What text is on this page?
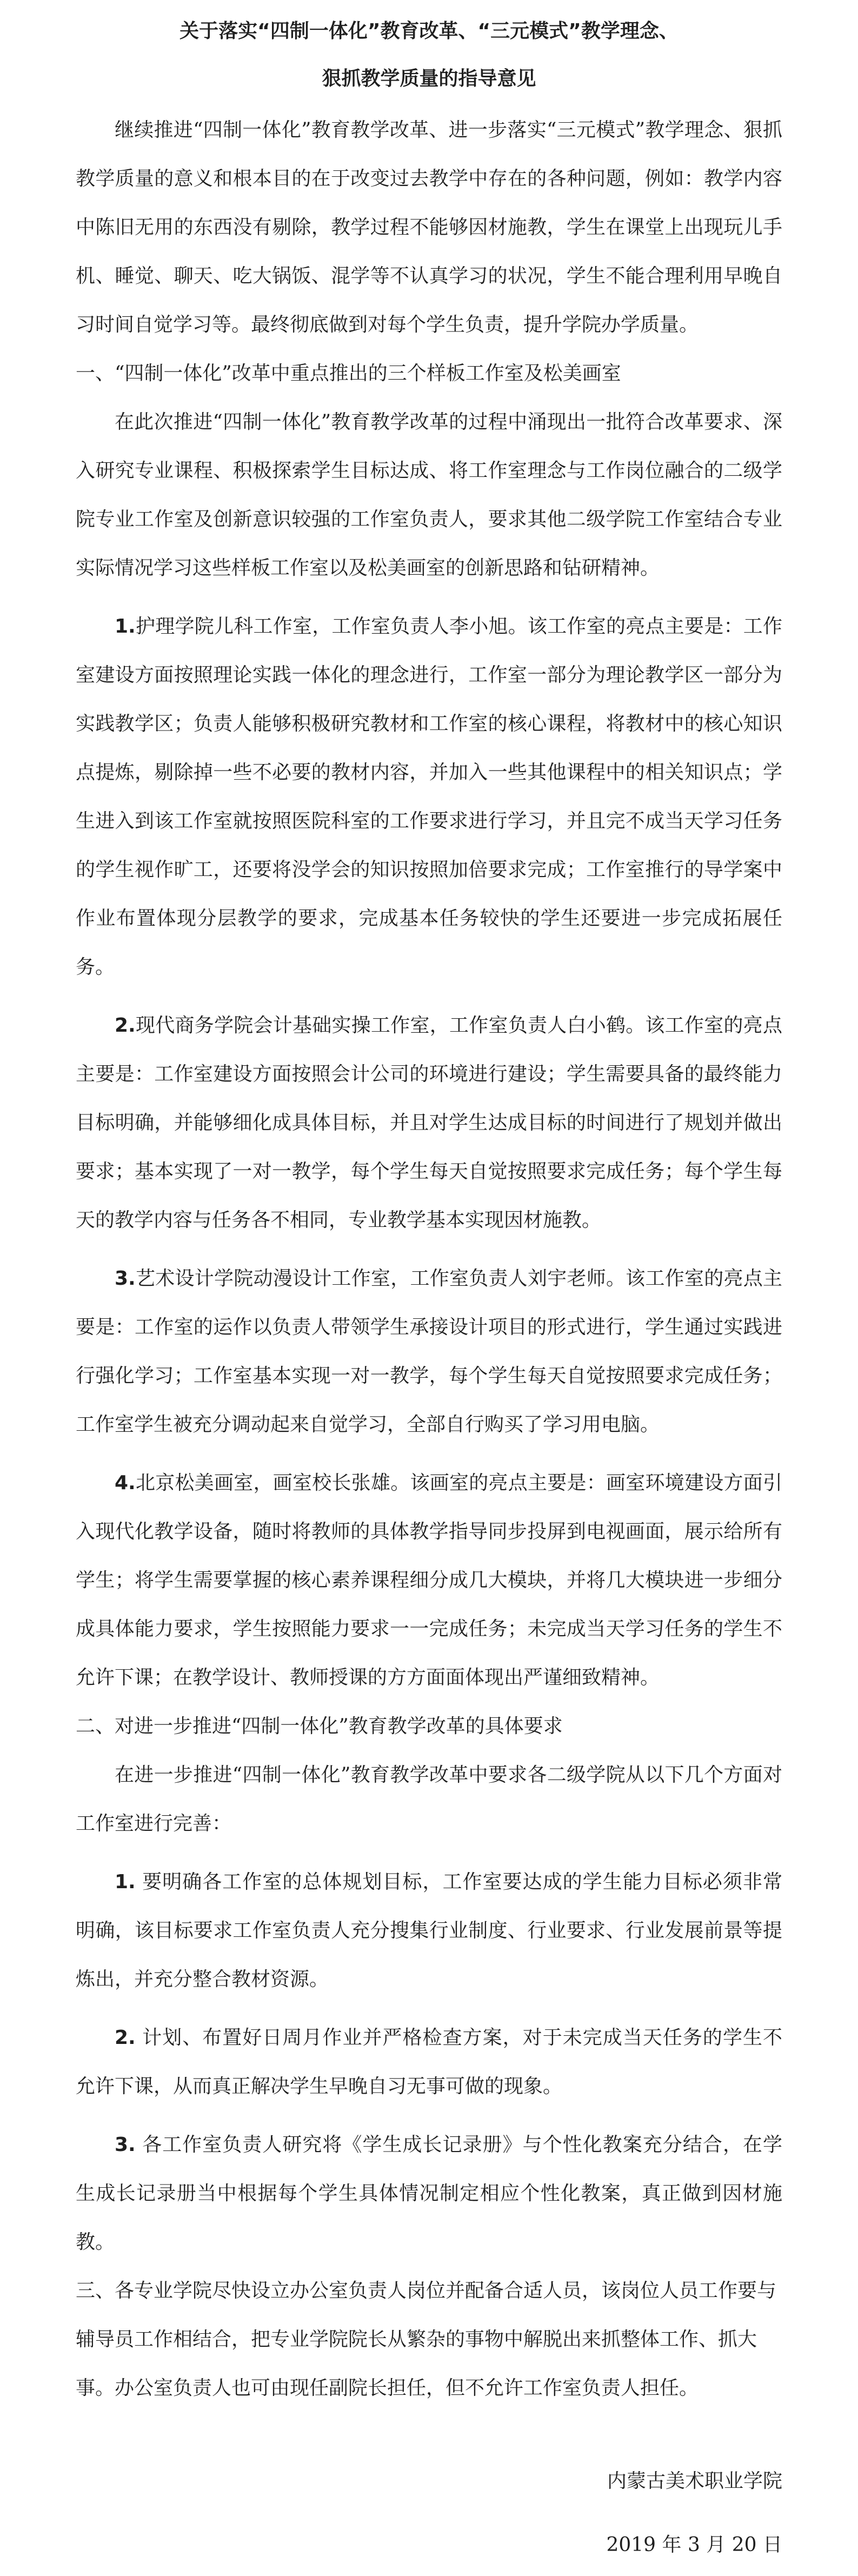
关于落实“四制一体化”教育改革、“三元模式”教学理念、
狠抓教学质量的指导意见

继续推进“四制一体化”教育教学改革、进一步落实“三元模式”教学理念、狠抓教学质量的意义和根本目的在于改变过去教学中存在的各种问题，例如：教学内容中陈旧无用的东西没有剔除，教学过程不能够因材施教，学生在课堂上出现玩儿手机、睡觉、聊天、吃大锅饭、混学等不认真学习的状况，学生不能合理利用早晚自习时间自觉学习等。最终彻底做到对每个学生负责，提升学院办学质量。

一、“四制一体化”改革中重点推出的三个样板工作室及松美画室

在此次推进“四制一体化”教育教学改革的过程中涌现出一批符合改革要求、深入研究专业课程、积极探索学生目标达成、将工作室理念与工作岗位融合的二级学院专业工作室及创新意识较强的工作室负责人，要求其他二级学院工作室结合专业实际情况学习这些样板工作室以及松美画室的创新思路和钻研精神。

1.护理学院儿科工作室，工作室负责人李小旭。该工作室的亮点主要是：工作室建设方面按照理论实践一体化的理念进行，工作室一部分为理论教学区一部分为实践教学区；负责人能够积极研究教材和工作室的核心课程，将教材中的核心知识点提炼，剔除掉一些不必要的教材内容，并加入一些其他课程中的相关知识点；学生进入到该工作室就按照医院科室的工作要求进行学习，并且完不成当天学习任务的学生视作旷工，还要将没学会的知识按照加倍要求完成；工作室推行的导学案中作业布置体现分层教学的要求，完成基本任务较快的学生还要进一步完成拓展任务。

2.现代商务学院会计基础实操工作室，工作室负责人白小鹤。该工作室的亮点主要是：工作室建设方面按照会计公司的环境进行建设；学生需要具备的最终能力目标明确，并能够细化成具体目标，并且对学生达成目标的时间进行了规划并做出要求；基本实现了一对一教学，每个学生每天自觉按照要求完成任务；每个学生每天的教学内容与任务各不相同，专业教学基本实现因材施教。

3.艺术设计学院动漫设计工作室，工作室负责人刘宇老师。该工作室的亮点主要是：工作室的运作以负责人带领学生承接设计项目的形式进行，学生通过实践进行强化学习；工作室基本实现一对一教学，每个学生每天自觉按照要求完成任务；工作室学生被充分调动起来自觉学习，全部自行购买了学习用电脑。

4.北京松美画室，画室校长张雄。该画室的亮点主要是：画室环境建设方面引入现代化教学设备，随时将教师的具体教学指导同步投屏到电视画面，展示给所有学生；将学生需要掌握的核心素养课程细分成几大模块，并将几大模块进一步细分成具体能力要求，学生按照能力要求一一完成任务；未完成当天学习任务的学生不允许下课；在教学设计、教师授课的方方面面体现出严谨细致精神。

二、对进一步推进“四制一体化”教育教学改革的具体要求

在进一步推进“四制一体化”教育教学改革中要求各二级学院从以下几个方面对工作室进行完善：

1. 要明确各工作室的总体规划目标，工作室要达成的学生能力目标必须非常明确，该目标要求工作室负责人充分搜集行业制度、行业要求、行业发展前景等提炼出，并充分整合教材资源。

2. 计划、布置好日周月作业并严格检查方案，对于未完成当天任务的学生不允许下课，从而真正解决学生早晚自习无事可做的现象。

3. 各工作室负责人研究将《学生成长记录册》与个性化教案充分结合，在学生成长记录册当中根据每个学生具体情况制定相应个性化教案，真正做到因材施教。

三、各专业学院尽快设立办公室负责人岗位并配备合适人员，该岗位人员工作要与辅导员工作相结合，把专业学院院长从繁杂的事物中解脱出来抓整体工作、抓大事。办公室负责人也可由现任副院长担任，但不允许工作室负责人担任。

内蒙古美术职业学院
2019 年 3 月 20 日
